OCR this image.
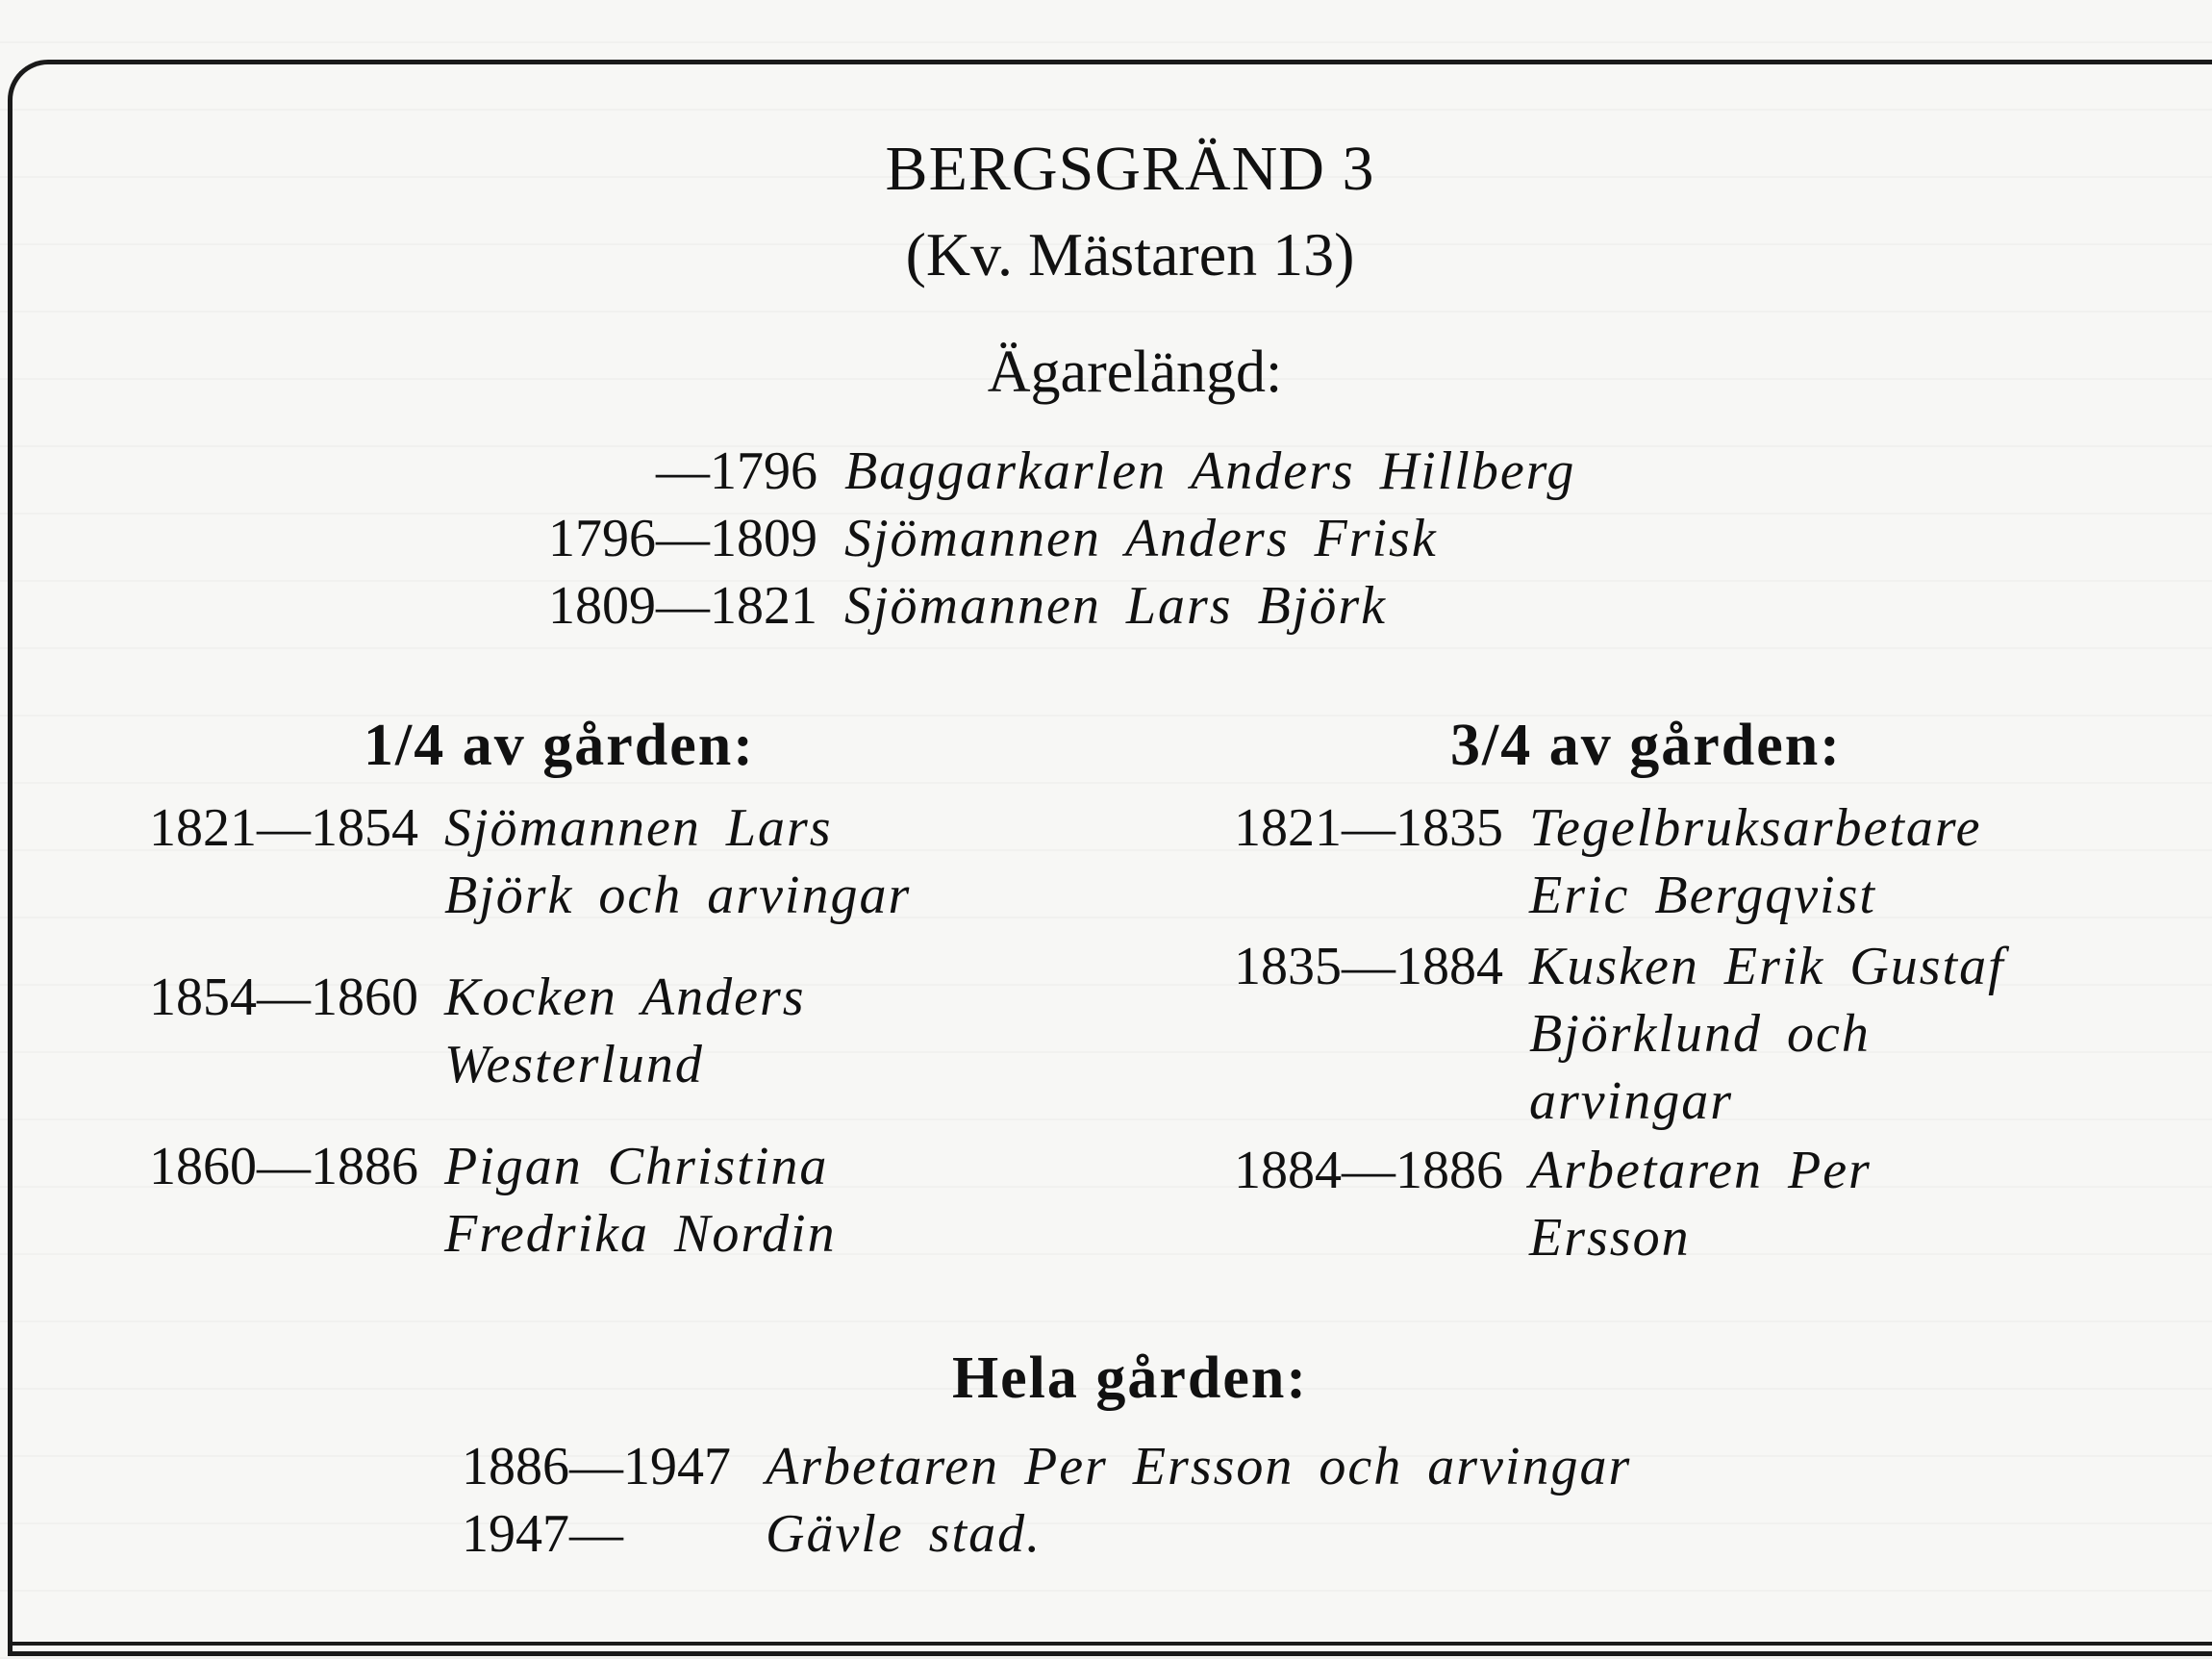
BERGSGRÄND 3
(Kv. Mästaren 13)
Ägarelängd:
—1796 Baggarkarlen Anders Hillberg
1796—1809 Sjömannen Anders Frisk
1809—1821 Sjömannen Lars Björk
1/4 av gården:
1821—1854 Sjömannen Lars
Björk och arvingar
1854—1860 Kocken Anders
Westerlund
1860—1886 Pigan Christina
Fredrika Nordin
3/4 av gården:
1821—1835 Tegelbruksarbetare
Eric Bergqvist
1835—1884 Kusken Erik Gustaf
Björklund och
arvingar
1884—1886 Arbetaren Per
Ersson
Hela gården:
1886—1947 Arbetaren Per Ersson och arvingar
1947—	Gävle stad.
